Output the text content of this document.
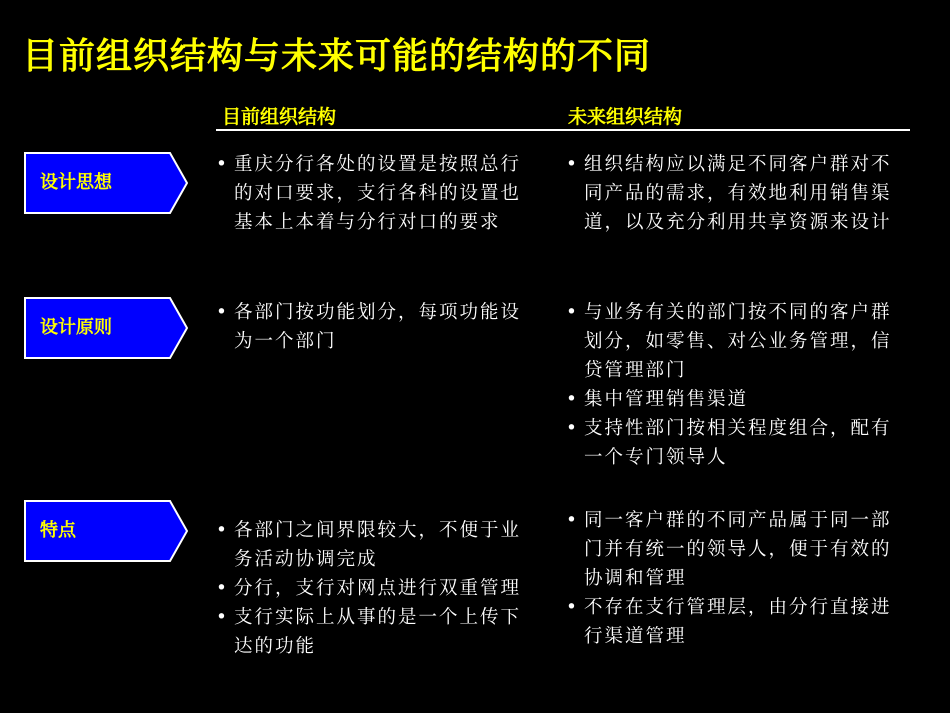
目前组织结构与未来可能的结构的不同
目前组织结构	未来组织结构
设计思想

• 重庆分行各处的设置是按照总行的对口要求，支行各科的设置也基本上本着与分行对口的要求

• 组织结构应以满足不同客户群对不同产品的需求，有效地利用销售渠道，以及充分利用共享资源来设计

设计原则

• 各部门按功能划分，每项功能设为一个部门

• 与业务有关的部门按不同的客户群划分，如零售、对公业务管理，信贷管理部门

• 集中管理销售渠道

• 支持性部门按相关程度组合，配有一个专门领导人

特点	• 各部门之间界限较大，不便于业务活动协调完成

• 分行，支行对网点进行双重管理

• 支行实际上从事的是一个上传下达的功能

• 同一客户群的不同产品属于同一部门并有统一的领导人，便于有效的协调和管理

• 不存在支行管理层，由分行直接进行渠道管理
